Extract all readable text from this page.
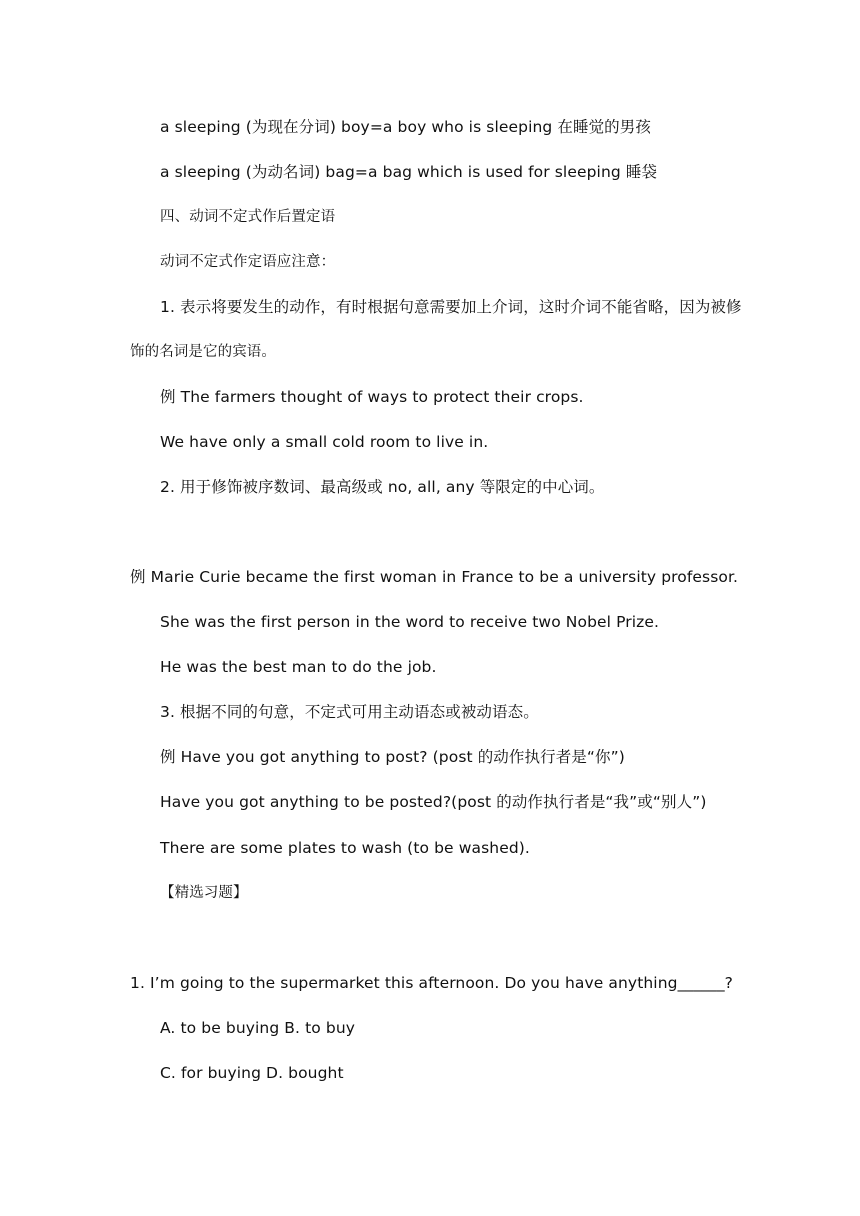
a sleeping (为现在分词) boy=a boy who is sleeping 在睡觉的男孩
a sleeping (为动名词) bag=a bag which is used for sleeping 睡袋
四、动词不定式作后置定语
动词不定式作定语应注意：
1. 表示将要发生的动作，有时根据句意需要加上介词，这时介词不能省略，因为被修
饰的名词是它的宾语。
例 The farmers thought of ways to protect their crops.
We have only a small cold room to live in.
2. 用于修饰被序数词、最高级或 no, all, any 等限定的中心词。
例 Marie Curie became the first woman in France to be a university professor.
She was the first person in the word to receive two Nobel Prize.
He was the best man to do the job.
3. 根据不同的句意，不定式可用主动语态或被动语态。
例 Have you got anything to post? (post 的动作执行者是“你”)
Have you got anything to be posted?(post 的动作执行者是“我”或“别人”)
There are some plates to wash (to be washed).
【精选习题】
1. I’m going to the supermarket this afternoon. Do you have anything______?
A. to be buying B. to buy
C. for buying D. bought
